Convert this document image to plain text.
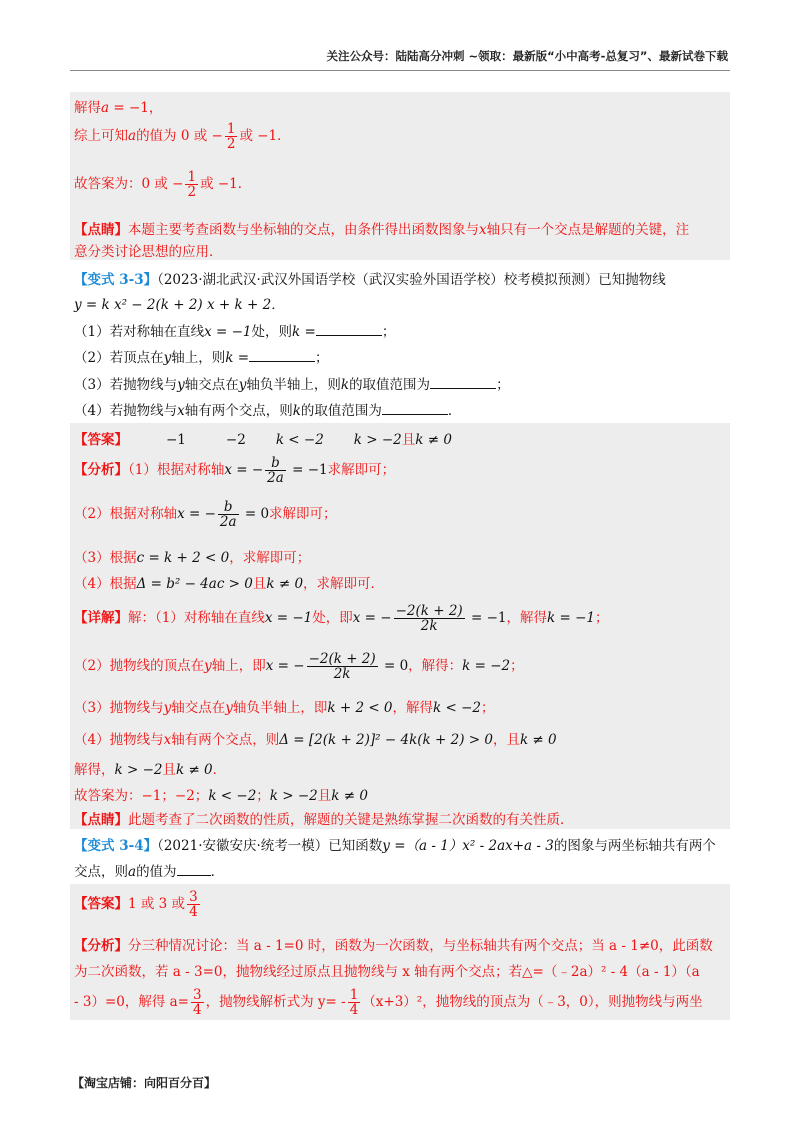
关注公众号：陆陆高分冲刺 ~领取：最新版“小中高考-总复习”、最新试卷下载
解得a = −1，
综上可知a的值为 0 或 − $\frac{1}{2}$ 或 −1．
故答案为：0 或 − $\frac{1}{2}$ 或 −1．
【点睛】本题主要考查函数与坐标轴的交点，由条件得出函数图象与x轴只有一个交点是解题的关键，注
意分类讨论思想的应用．
【变式 3-3】（2023·湖北武汉·武汉外国语学校（武汉实验外国语学校）校考模拟预测）已知抛物线
y = k x² − 2(k + 2) x + k + 2．
（1）若对称轴在直线x = −1处，则k =	；
（2）若顶点在y轴上，则k =	；
（3）若抛物线与y轴交点在y轴负半轴上，则k的取值范围为	；
（4）若抛物线与x轴有两个交点，则k的取值范围为	．
【答案】	−1	−2 k < −2 k > −2且k ≠ 0
【分析】（1）根据对称轴x = − $\frac{b}{2a} = -1$求解即可；
（2）根据对称轴x = − $\frac{b}{2a} = 0$求解即可；
（3）根据c = k + 2 < 0，求解即可；
（4）根据Δ = b² − 4ac > 0且k ≠ 0，求解即可．
【详解】解：（1）对称轴在直线x = −1处，即x = − $\frac{-2(k + 2)}{2k} = -1$，解得k = −1；
（2）抛物线的顶点在y轴上，即x = − $\frac{-2(k + 2)}{2k} = 0$，解得：k = −2；
（3）抛物线与y轴交点在y轴负半轴上，即k + 2 < 0，解得k < −2；
（4）抛物线与x轴有两个交点，则Δ = [2(k + 2)]² − 4k(k + 2) > 0，且k ≠ 0
解得，k > −2且k ≠ 0．
故答案为：−1；−2；k < −2；k > −2且k ≠ 0
【点睛】此题考查了二次函数的性质，解题的关键是熟练掌握二次函数的有关性质．
【变式 3-4】（2021·安徽安庆·统考一模）已知函数y =（a - 1）x² - 2ax+a - 3的图象与两坐标轴共有两个
交点，则a的值为	．
【答案】1 或 3 或 $\frac{3}{4}$
【分析】分三种情况讨论：当 a - 1=0 时，函数为一次函数，与坐标轴共有两个交点；当 a - 1≠0，此函数
为二次函数，若 a - 3=0，抛物线经过原点且抛物线与 x 轴有两个交点；若△=（﹣2a）² - 4（a - 1）（a
- 3）=0，解得 $a= \frac{3}{4}$ ，抛物线解析式为 $y= - \frac{1}{4} (x+3)^2$，抛物线的顶点为（﹣3，0），则抛物线与两坐
【淘宝店铺：向阳百分百】
